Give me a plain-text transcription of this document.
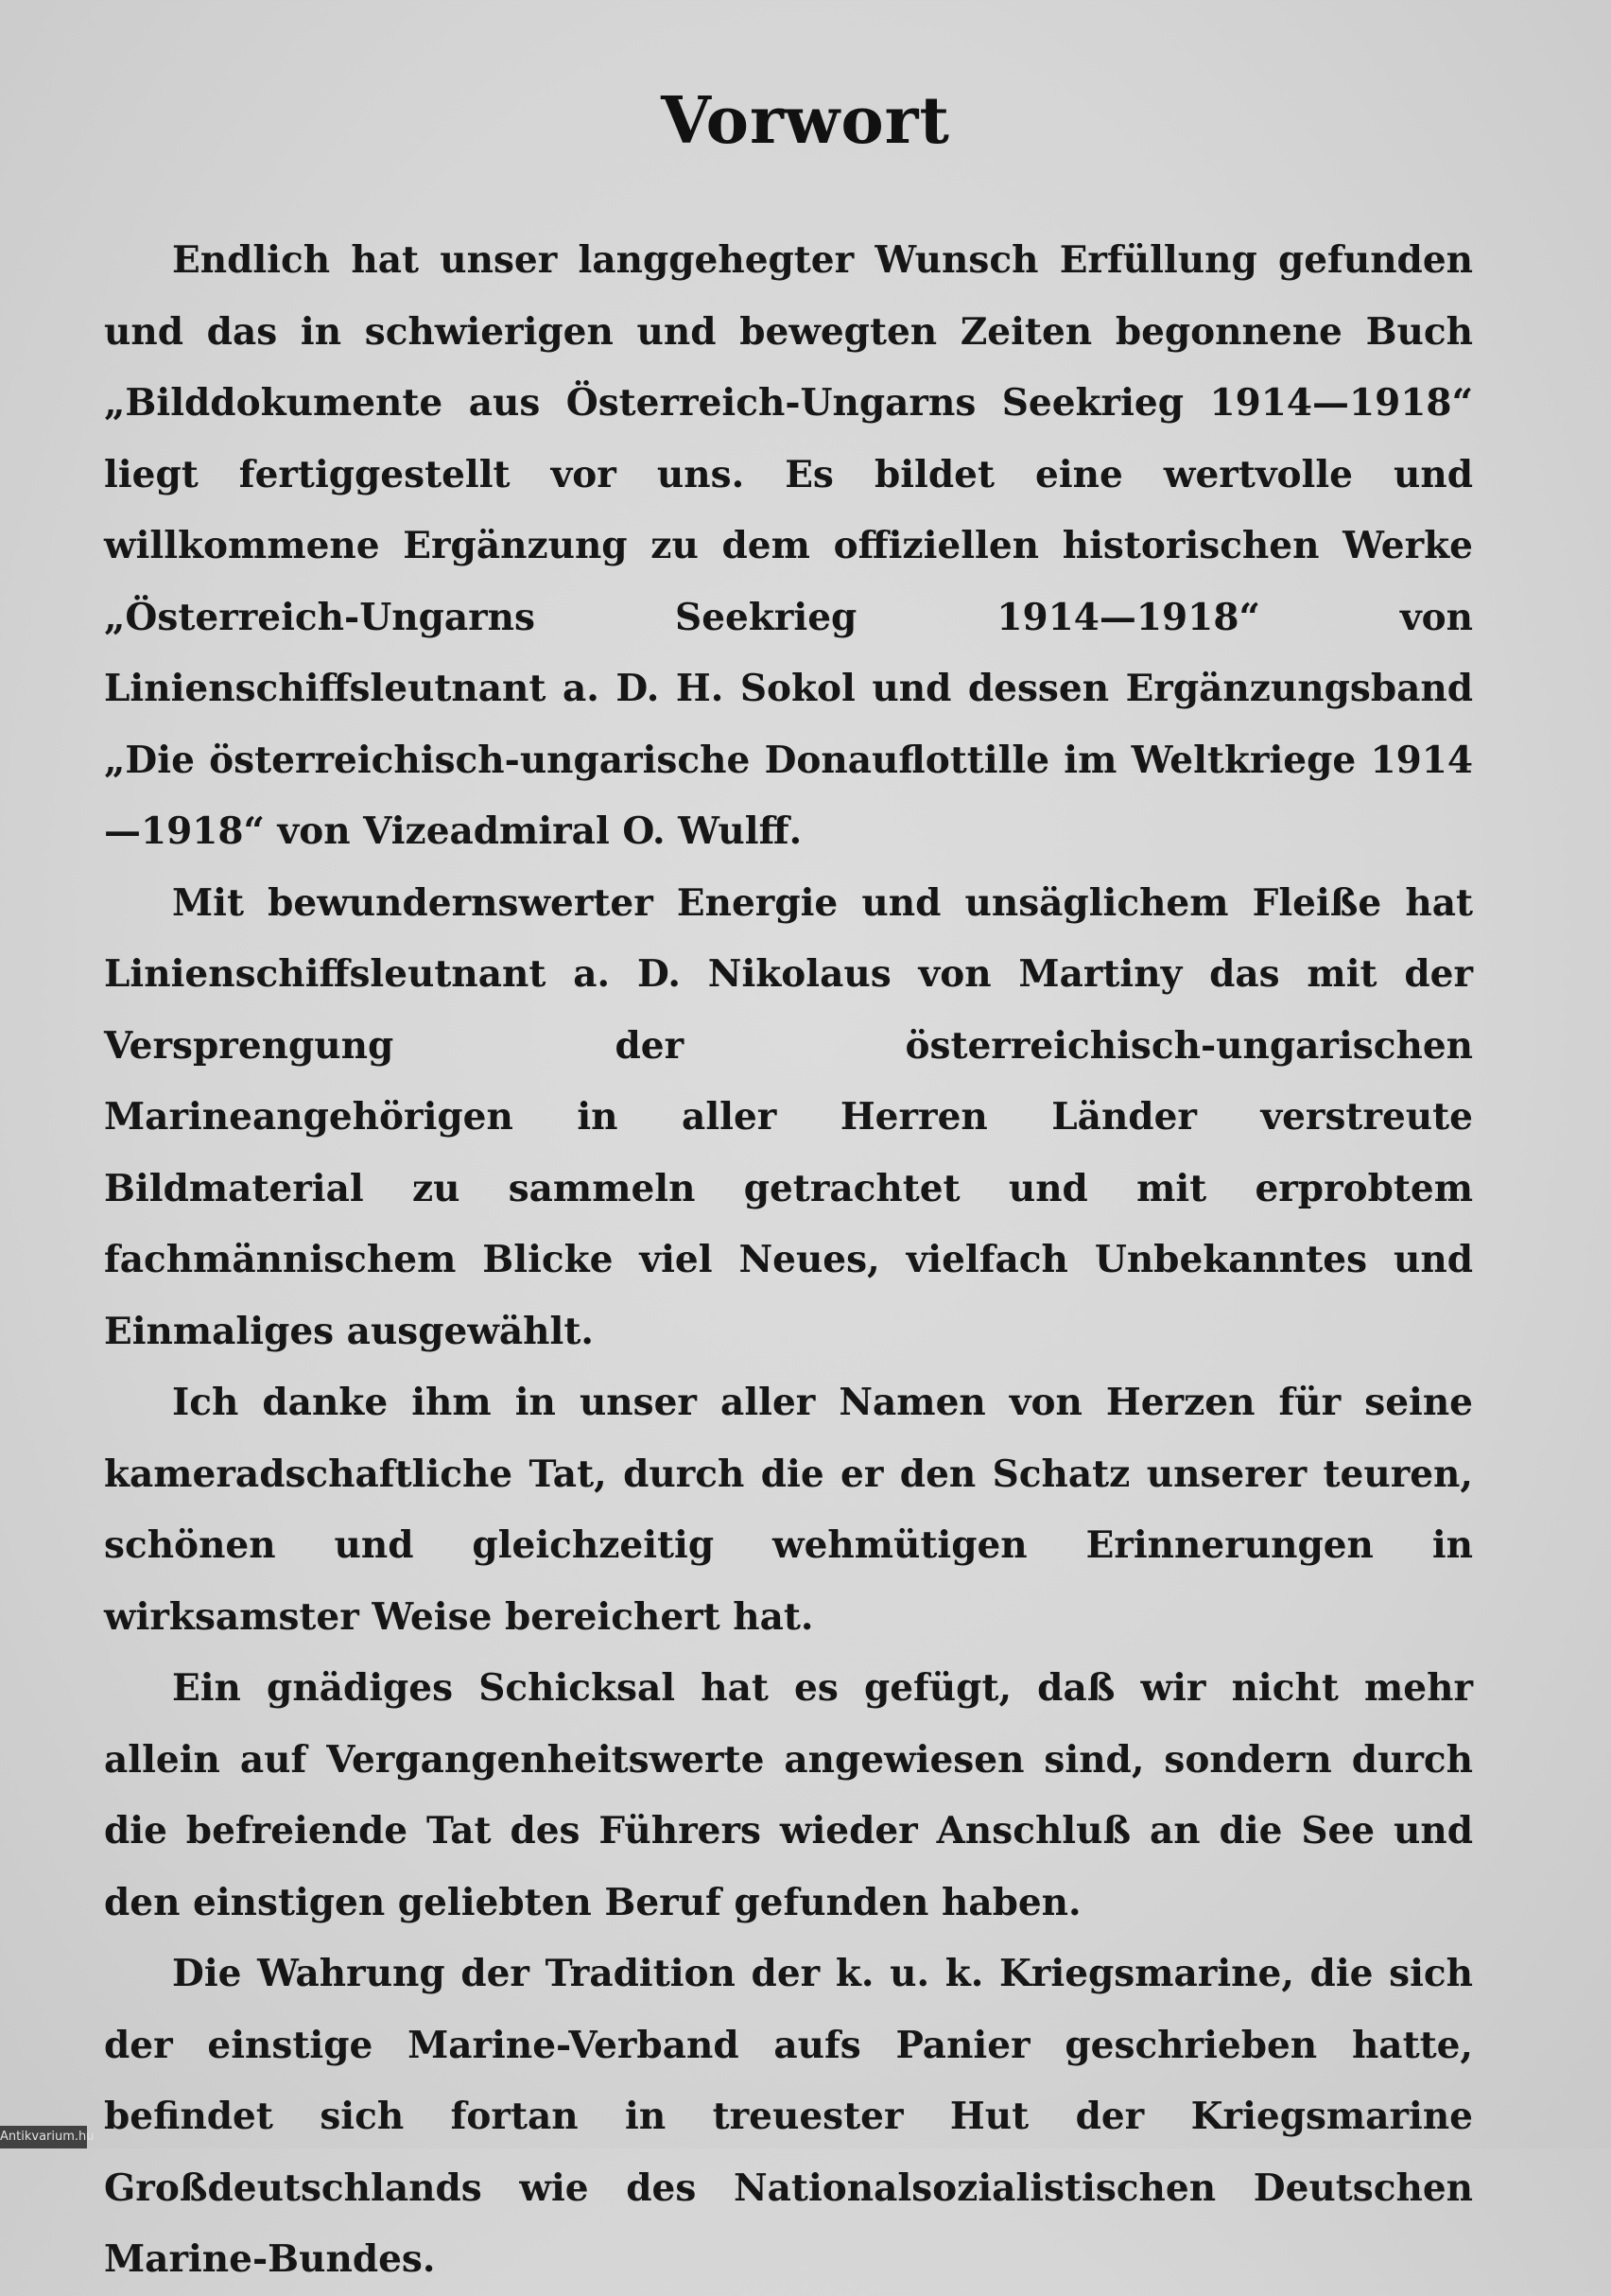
Vorwort

Endlich hat unser langgehegter Wunsch Erfüllung gefunden und das in schwierigen und bewegten Zeiten begonnene Buch „Bilddokumente aus Österreich-Ungarns Seekrieg 1914—1918“ liegt fertiggestellt vor uns. Es bildet eine wertvolle und willkommene Ergänzung zu dem offiziellen historischen Werke „Österreich-Ungarns Seekrieg 1914—1918“ von Linienschiffsleutnant a. D. H. Sokol und dessen Ergänzungsband „Die österreichisch-ungarische Donauflottille im Weltkriege 1914—1918“ von Vizeadmiral O. Wulff.

Mit bewundernswerter Energie und unsäglichem Fleiße hat Linienschiffsleutnant a. D. Nikolaus von Martiny das mit der Versprengung der österreichisch-ungarischen Marineangehörigen in aller Herren Länder verstreute Bildmaterial zu sammeln getrachtet und mit erprobtem fachmännischem Blicke viel Neues, vielfach Unbekanntes und Einmaliges ausgewählt.

Ich danke ihm in unser aller Namen von Herzen für seine kameradschaftliche Tat, durch die er den Schatz unserer teuren, schönen und gleichzeitig wehmütigen Erinnerungen in wirksamster Weise bereichert hat.

Ein gnädiges Schicksal hat es gefügt, daß wir nicht mehr allein auf Vergangenheitswerte angewiesen sind, sondern durch die befreiende Tat des Führers wieder Anschluß an die See und den einstigen geliebten Beruf gefunden haben.

Die Wahrung der Tradition der k. u. k. Kriegsmarine, die sich der einstige Marine-Verband aufs Panier geschrieben hatte, befindet sich fortan in treuester Hut der Kriegsmarine Großdeutschlands wie des Nationalsozialistischen Deutschen Marine-Bundes.

Antikvarium.hu
